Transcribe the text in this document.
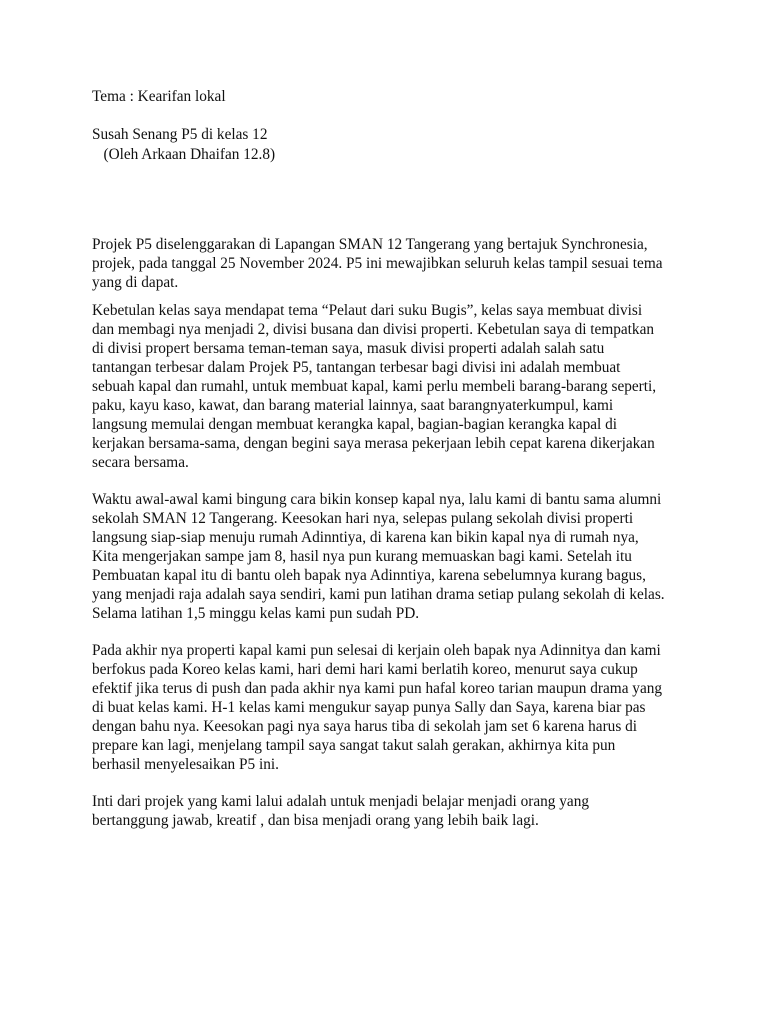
Tema : Kearifan lokal
Susah Senang P5 di kelas 12
(Oleh Arkaan Dhaifan 12.8)
Projek P5 diselenggarakan di Lapangan SMAN 12 Tangerang yang bertajuk Synchronesia,
projek, pada tanggal 25 November 2024. P5 ini mewajibkan seluruh kelas tampil sesuai tema
yang di dapat.
Kebetulan kelas saya mendapat tema “Pelaut dari suku Bugis”, kelas saya membuat divisi
dan membagi nya menjadi 2, divisi busana dan divisi properti. Kebetulan saya di tempatkan
di divisi propert bersama teman-teman saya, masuk divisi properti adalah salah satu
tantangan terbesar dalam Projek P5, tantangan terbesar bagi divisi ini adalah membuat
sebuah kapal dan rumahl, untuk membuat kapal, kami perlu membeli barang-barang seperti,
paku, kayu kaso, kawat, dan barang material lainnya, saat barangnyaterkumpul, kami
langsung memulai dengan membuat kerangka kapal, bagian-bagian kerangka kapal di
kerjakan bersama-sama, dengan begini saya merasa pekerjaan lebih cepat karena dikerjakan
secara bersama.
Waktu awal-awal kami bingung cara bikin konsep kapal nya, lalu kami di bantu sama alumni
sekolah SMAN 12 Tangerang. Keesokan hari nya, selepas pulang sekolah divisi properti
langsung siap-siap menuju rumah Adinntiya, di karena kan bikin kapal nya di rumah nya,
Kita mengerjakan sampe jam 8, hasil nya pun kurang memuaskan bagi kami. Setelah itu
Pembuatan kapal itu di bantu oleh bapak nya Adinntiya, karena sebelumnya kurang bagus,
yang menjadi raja adalah saya sendiri, kami pun latihan drama setiap pulang sekolah di kelas.
Selama latihan 1,5 minggu kelas kami pun sudah PD.
Pada akhir nya properti kapal kami pun selesai di kerjain oleh bapak nya Adinnitya dan kami
berfokus pada Koreo kelas kami, hari demi hari kami berlatih koreo, menurut saya cukup
efektif jika terus di push dan pada akhir nya kami pun hafal koreo tarian maupun drama yang
di buat kelas kami. H-1 kelas kami mengukur sayap punya Sally dan Saya, karena biar pas
dengan bahu nya. Keesokan pagi nya saya harus tiba di sekolah jam set 6 karena harus di
prepare kan lagi, menjelang tampil saya sangat takut salah gerakan, akhirnya kita pun
berhasil menyelesaikan P5 ini.
Inti dari projek yang kami lalui adalah untuk menjadi belajar menjadi orang yang
bertanggung jawab, kreatif , dan bisa menjadi orang yang lebih baik lagi.
